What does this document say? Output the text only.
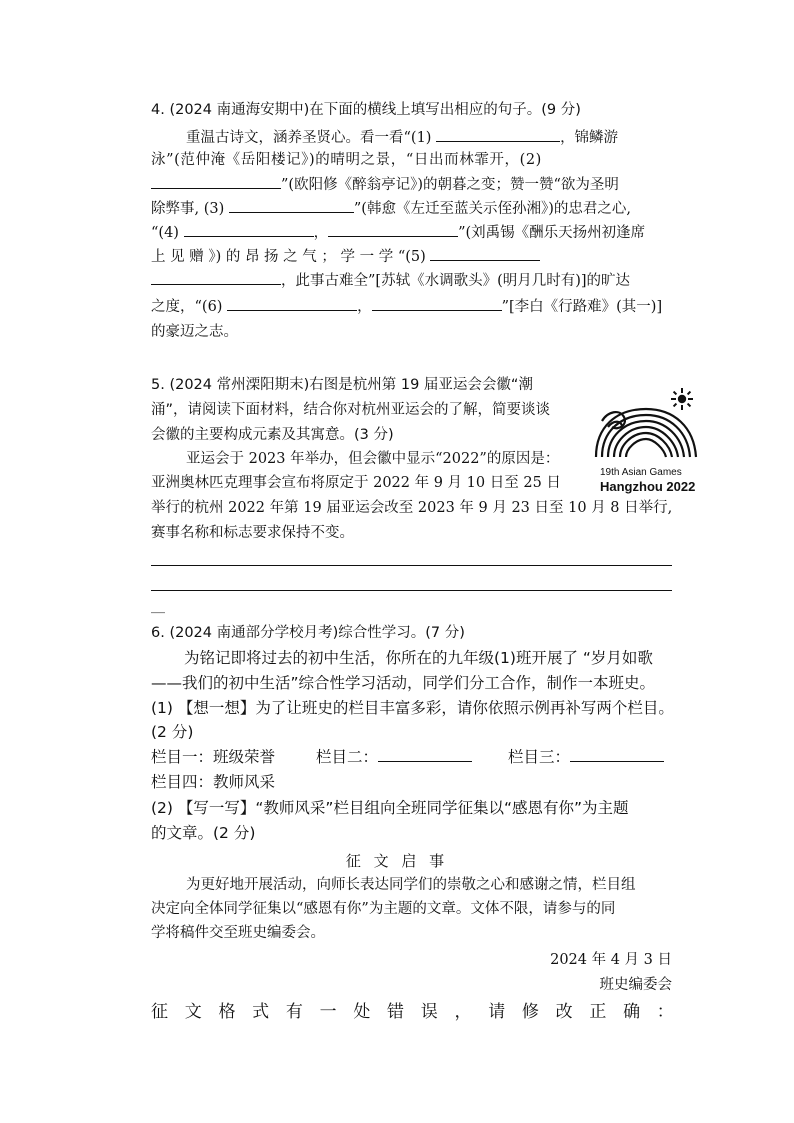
4. (2024 南通海安期中)在下面的横线上填写出相应的句子。(9 分)
重温古诗文，涵养圣贤心。看一看“(1)	，锦鳞游
泳”(范仲淹《岳阳楼记》)的晴明之景，“日出而林霏开，(2)
”(欧阳修《醉翁亭记》)的朝暮之变；赞一赞“欲为圣明
除弊事, (3)	”(韩愈《左迁至蓝关示侄孙湘》)的忠君之心,
“(4)	，	”(刘禹锡《酬乐天扬州初逢席
上 见 赠 》) 的 昂 扬 之 气 ； 学 一 学 “(5)
，此事古难全”[苏轼《水调歌头》(明月几时有)]的旷达
之度，“(6)	，	”[李白《行路难》(其一)]
的豪迈之志。
5. (2024 常州溧阳期末)右图是杭州第 19 届亚运会会徽“潮
涌”，请阅读下面材料，结合你对杭州亚运会的了解，简要谈谈
会徽的主要构成元素及其寓意。(3 分)
亚运会于 2023 年举办，但会徽中显示“2022”的原因是：
亚洲奥林匹克理事会宣布将原定于 2022 年 9 月 10 日至 25 日
举行的杭州 2022 年第 19 届亚运会改至 2023 年 9 月 23 日至 10 月 8 日举行,
赛事名称和标志要求保持不变。
19th Asian Games
Hangzhou 2022
__
6. (2024 南通部分学校月考)综合性学习。(7 分)
为铭记即将过去的初中生活，你所在的九年级(1)班开展了 “岁月如歌
——我们的初中生活”综合性学习活动，同学们分工合作，制作一本班史。
(1) 【想一想】为了让班史的栏目丰富多彩，请你依照示例再补写两个栏目。
(2 分)
栏目一：班级荣誉	栏目二：	栏目三：
栏目四：教师风采
(2) 【写一写】“教师风采”栏目组向全班同学征集以“感恩有你”为主题
的文章。(2 分)
征 文 启 事
为更好地开展活动，向师长表达同学们的崇敬之心和感谢之情，栏目组
决定向全体同学征集以“感恩有你”为主题的文章。文体不限，请参与的同
学将稿件交至班史编委会。
2024 年 4 月 3 日
班史编委会
征 文 格 式 有 一 处 错 误 ， 请 修 改 正 确 ：
